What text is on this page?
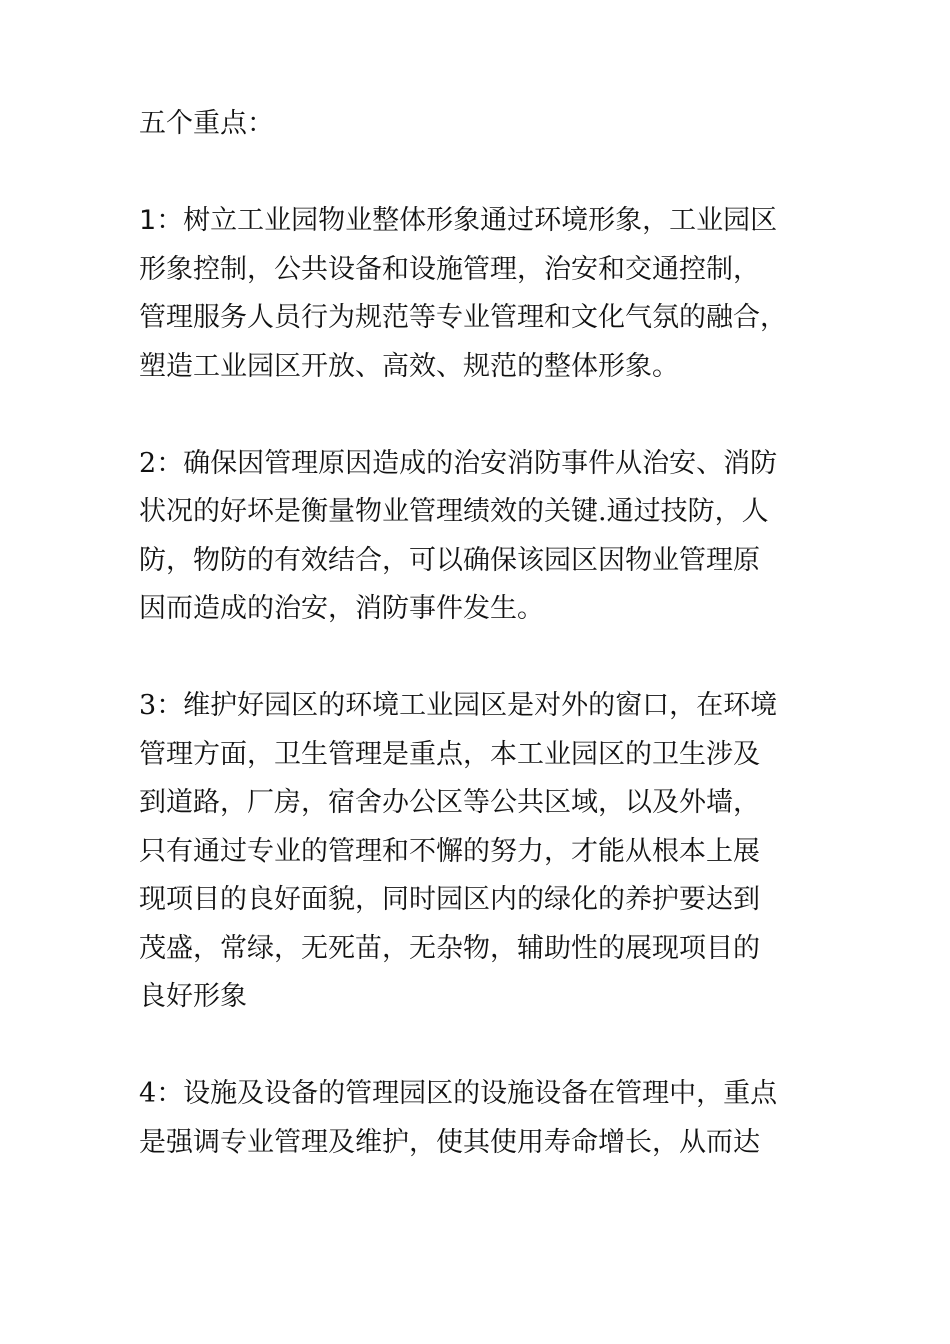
五个重点：
1：树立工业园物业整体形象通过环境形象，工业园区
形象控制，公共设备和设施管理，治安和交通控制，
管理服务人员行为规范等专业管理和文化气氛的融合，
塑造工业园区开放、高效、规范的整体形象。
2：确保因管理原因造成的治安消防事件从治安、消防
状况的好坏是衡量物业管理绩效的关键.通过技防，人
防，物防的有效结合，可以确保该园区因物业管理原
因而造成的治安，消防事件发生。
3：维护好园区的环境工业园区是对外的窗口，在环境
管理方面，卫生管理是重点，本工业园区的卫生涉及
到道路，厂房，宿舍办公区等公共区域，以及外墙，
只有通过专业的管理和不懈的努力，才能从根本上展
现项目的良好面貌，同时园区内的绿化的养护要达到
茂盛，常绿，无死苗，无杂物，辅助性的展现项目的
良好形象
4：设施及设备的管理园区的设施设备在管理中，重点
是强调专业管理及维护，使其使用寿命增长，从而达
